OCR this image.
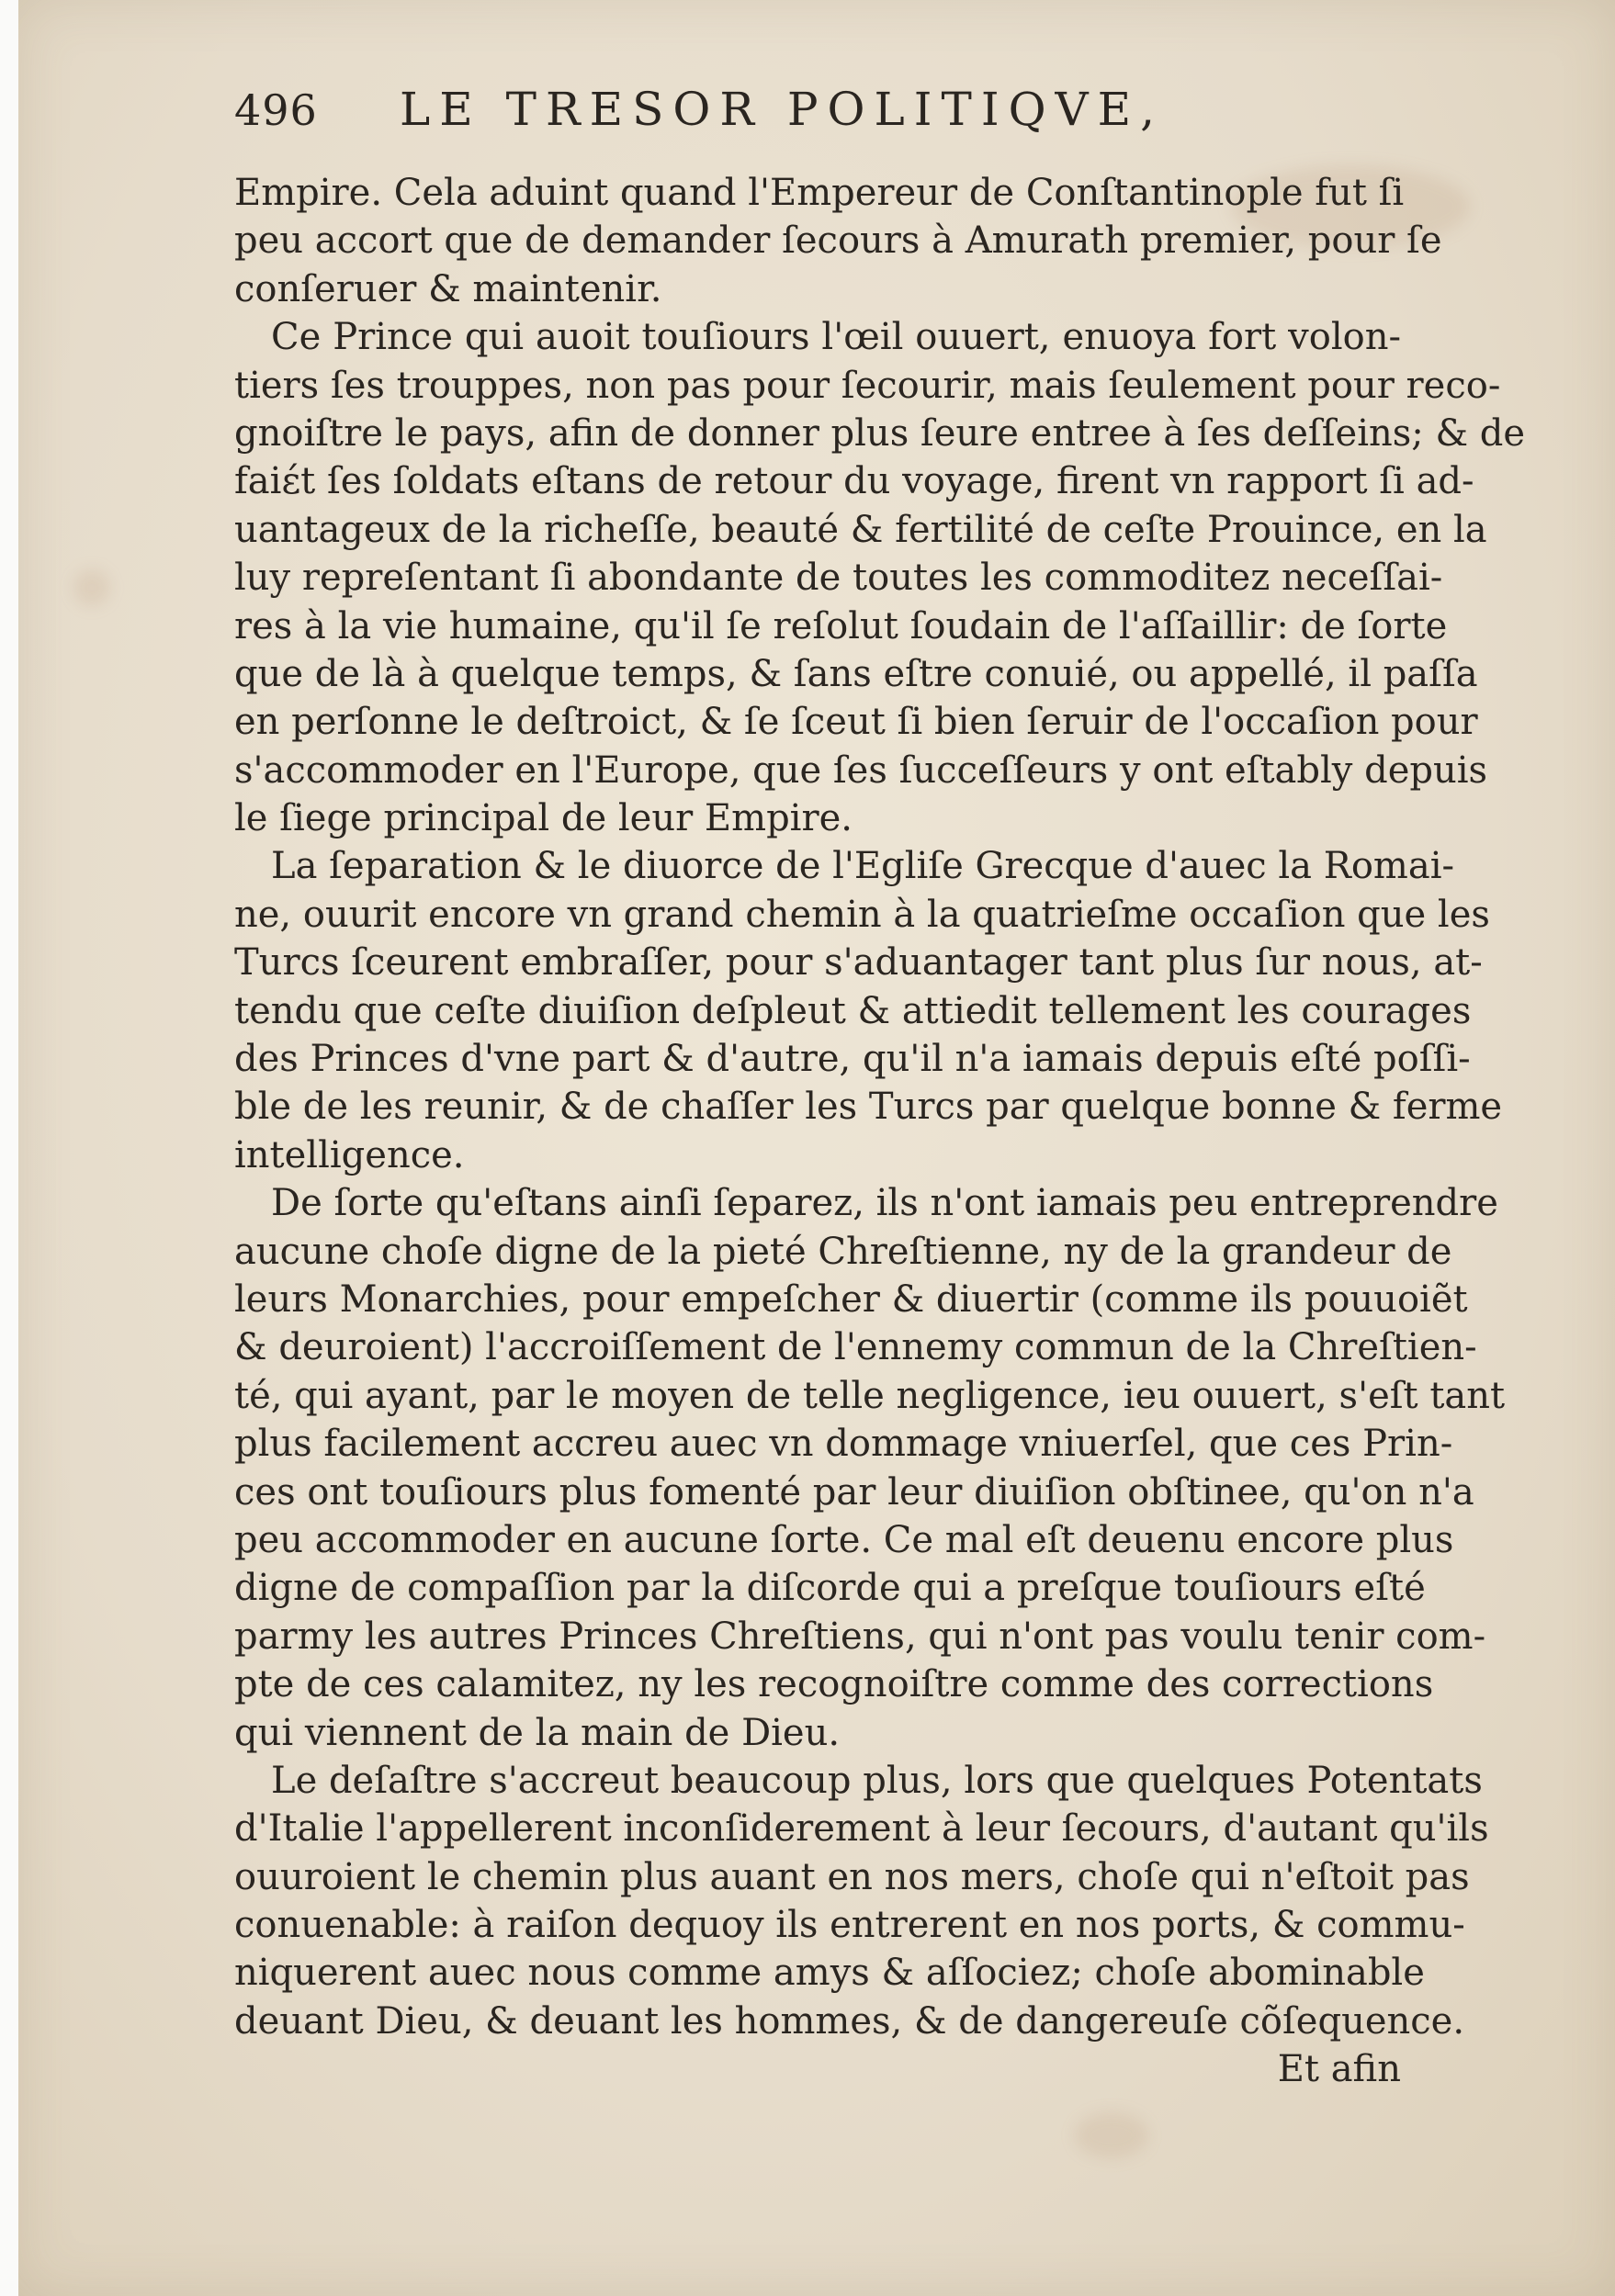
496	LE TRESOR POLITIQVE,
Empire. Cela aduint quand l'Empereur de Conſtantinople fut ſi
peu accort que de demander ſecours à Amurath premier, pour ſe
conſeruer & maintenir.
Ce Prince qui auoit touſiours l'œil ouuert, enuoya fort volon-
tiers ſes trouppes, non pas pour ſecourir, mais ſeulement pour reco-
gnoiſtre le pays, afin de donner plus ſeure entree à ſes deſſeins; & de
faiɛ́t ſes ſoldats eſtans de retour du voyage, firent vn rapport ſi ad-
uantageux de la richeſſe, beauté & fertilité de ceſte Prouince, en la
luy repreſentant ſi abondante de toutes les commoditez neceſſai-
res à la vie humaine, qu'il ſe reſolut ſoudain de l'aſſaillir: de ſorte
que de là à quelque temps, & ſans eſtre conuié, ou appellé, il paſſa
en perſonne le deſtroict, & ſe ſceut ſi bien ſeruir de l'occaſion pour
s'accommoder en l'Europe, que ſes ſucceſſeurs y ont eſtably depuis
le ſiege principal de leur Empire.
La ſeparation & le diuorce de l'Egliſe Grecque d'auec la Romai-
ne, ouurit encore vn grand chemin à la quatrieſme occaſion que les
Turcs ſceurent embraſſer, pour s'aduantager tant plus ſur nous, at-
tendu que ceſte diuiſion deſpleut & attiedit tellement les courages
des Princes d'vne part & d'autre, qu'il n'a iamais depuis eſté poſſi-
ble de les reunir, & de chaſſer les Turcs par quelque bonne & ferme
intelligence.
De ſorte qu'eſtans ainſi ſeparez, ils n'ont iamais peu entreprendre
aucune choſe digne de la pieté Chreſtienne, ny de la grandeur de
leurs Monarchies, pour empeſcher & diuertir (comme ils pouuoiẽt
& deuroient) l'accroiſſement de l'ennemy commun de la Chreſtien-
té, qui ayant, par le moyen de telle negligence, ieu ouuert, s'eſt tant
plus facilement accreu auec vn dommage vniuerſel, que ces Prin-
ces ont touſiours plus fomenté par leur diuiſion obſtinee, qu'on n'a
peu accommoder en aucune ſorte. Ce mal eſt deuenu encore plus
digne de compaſſion par la diſcorde qui a preſque touſiours eſté
parmy les autres Princes Chreſtiens, qui n'ont pas voulu tenir com-
pte de ces calamitez, ny les recognoiſtre comme des corrections
qui viennent de la main de Dieu.
Le deſaſtre s'accreut beaucoup plus, lors que quelques Potentats
d'Italie l'appellerent inconſiderement à leur ſecours, d'autant qu'ils
ouuroient le chemin plus auant en nos mers, choſe qui n'eſtoit pas
conuenable: à raiſon dequoy ils entrerent en nos ports, & commu-
niquerent auec nous comme amys & aſſociez; choſe abominable
deuant Dieu, & deuant les hommes, & de dangereuſe cõſequence.
Et afin
